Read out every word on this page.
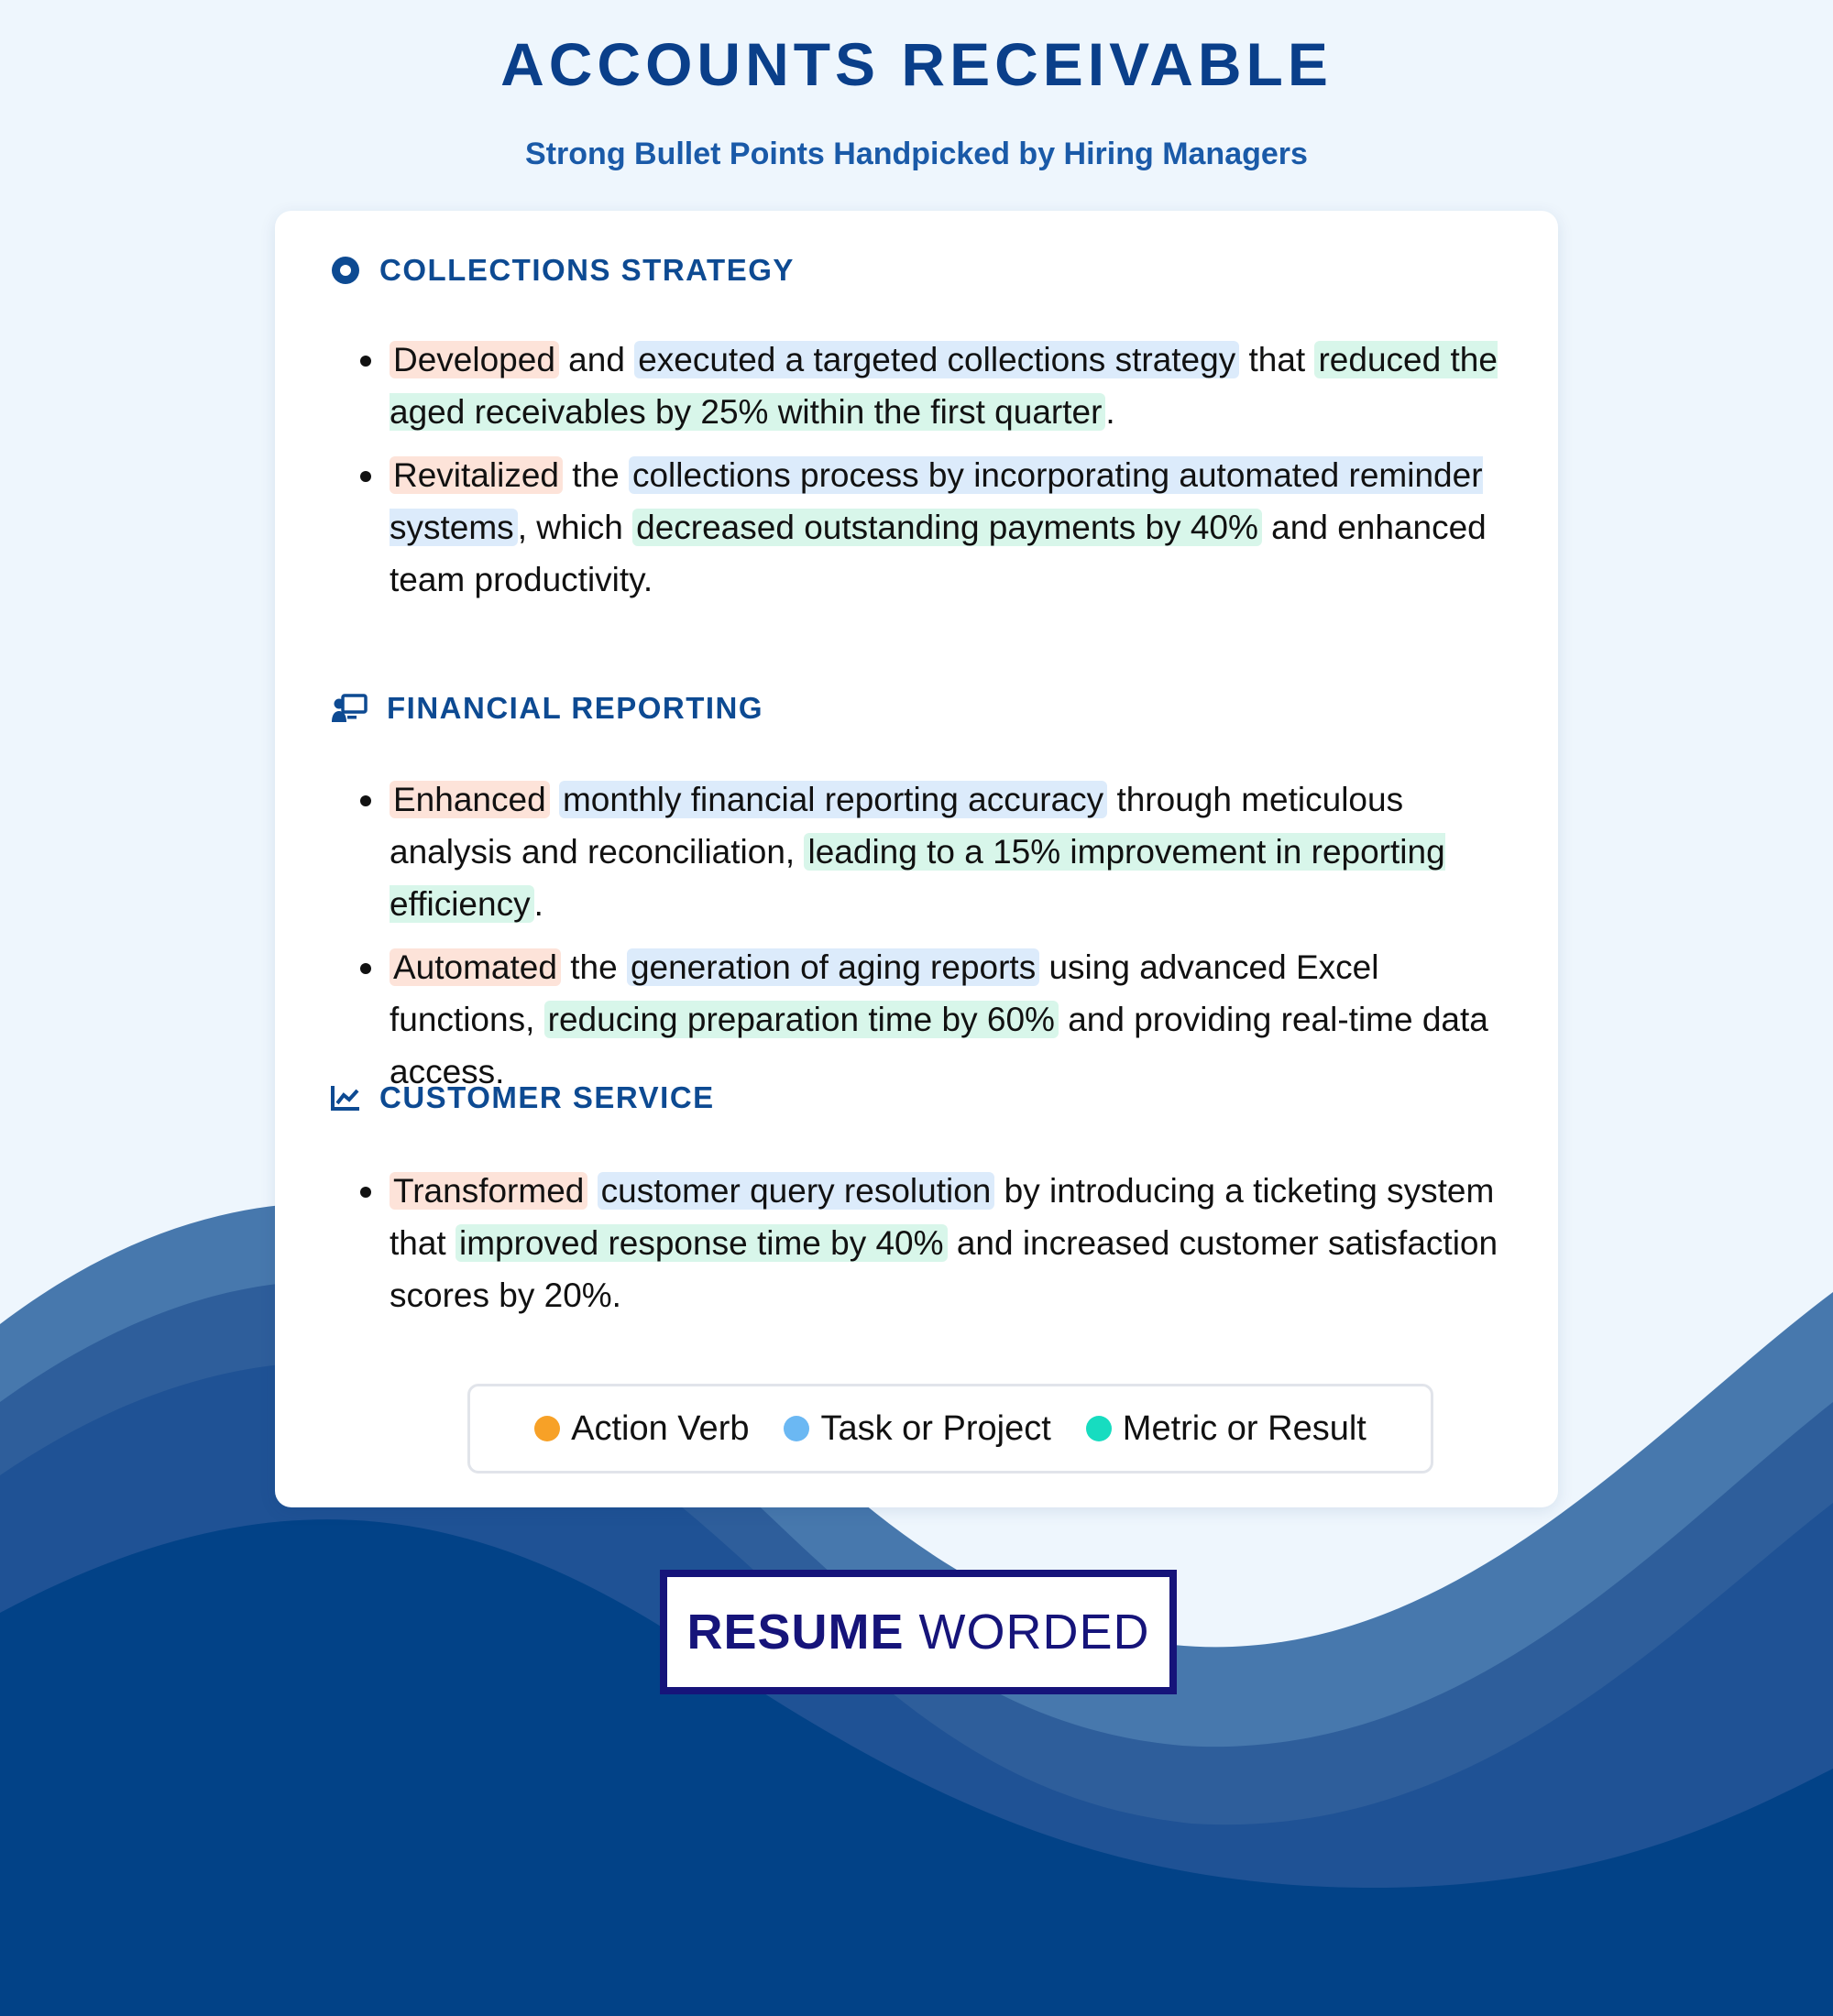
ACCOUNTS RECEIVABLE
Strong Bullet Points Handpicked by Hiring Managers
COLLECTIONS STRATEGY
Developed and executed a targeted collections strategy that reduced the aged receivables by 25% within the first quarter .
Revitalized the collections process by incorporating automated reminder systems , which decreased outstanding payments by 40% and enhanced team productivity.
FINANCIAL REPORTING
Enhanced monthly financial reporting accuracy through meticulous analysis and reconciliation, leading to a 15% improvement in reporting efficiency .
Automated the generation of aging reports using advanced Excel functions, reducing preparation time by 60% and providing real-time data access.
CUSTOMER SERVICE
Transformed customer query resolution by introducing a ticketing system that improved response time by 40% and increased customer satisfaction scores by 20%.
Action Verb Task or Project Metric or Result
RESUME WORDED
